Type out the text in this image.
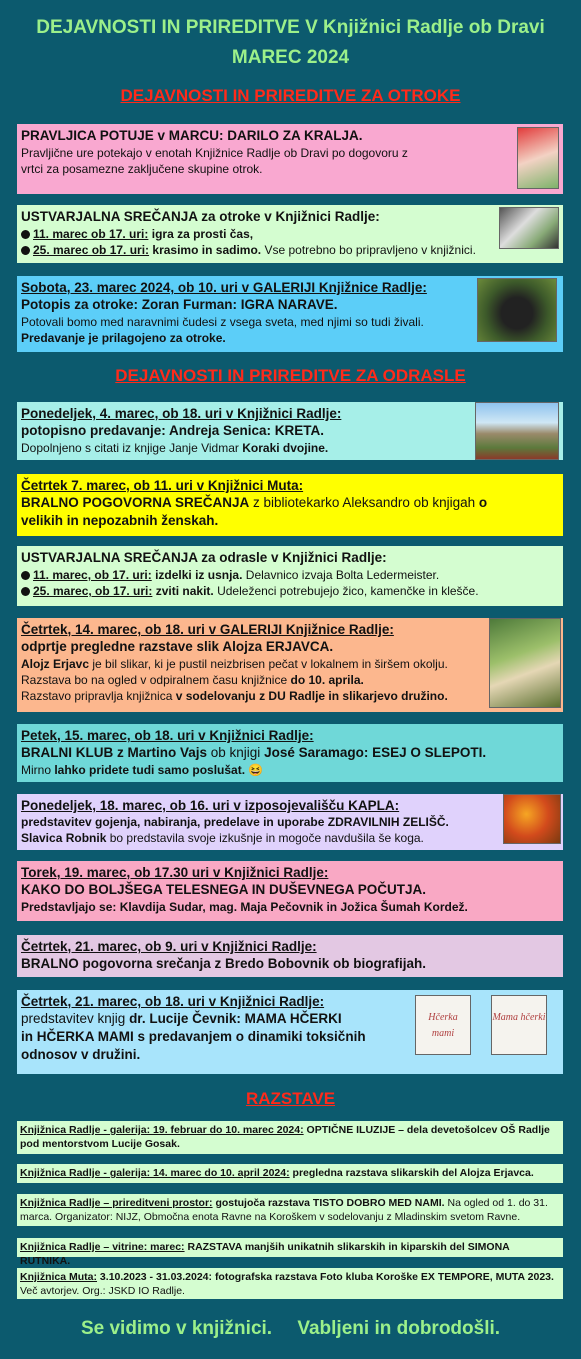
DEJAVNOSTI IN PRIREDITVE V Knjižnici Radlje ob Dravi
MAREC 2024
DEJAVNOSTI IN PRIREDITVE ZA OTROKE
PRAVLJICA POTUJE v MARCU: DARILO ZA KRALJA.
Pravljične ure potekajo v enotah Knjižnice Radlje ob Dravi po dogovoru z
vrtci za posamezne zaključene skupine otrok.
USTVARJALNA SREČANJA za otroke v Knjižnici Radlje:
11. marec ob 17. uri: igra za prosti čas,
25. marec ob 17. uri: krasimo in sadimo. Vse potrebno bo pripravljeno v knjižnici.
Sobota, 23. marec 2024, ob 10. uri v GALERIJI Knjižnice Radlje:
Potopis za otroke: Zoran Furman: IGRA NARAVE.
Potovali bomo med naravnimi čudesi z vsega sveta, med njimi so tudi živali.
Predavanje je prilagojeno za otroke.
DEJAVNOSTI IN PRIREDITVE ZA ODRASLE
Ponedeljek, 4. marec, ob 18. uri v Knjižnici Radlje:
potopisno predavanje: Andreja Senica: KRETA.
Dopolnjeno s citati iz knjige Janje Vidmar Koraki dvojine.
Četrtek 7. marec, ob 11. uri v Knjižnici Muta:
BRALNO POGOVORNA SREČANJA z bibliotekarko Aleksandro ob knjigah o
velikih in nepozabnih ženskah.
USTVARJALNA SREČANJA za odrasle v Knjižnici Radlje:
11. marec, ob 17. uri: izdelki iz usnja. Delavnico izvaja Bolta Ledermeister.
25. marec, ob 17. uri: zviti nakit. Udeleženci potrebujejo žico, kamenčke in klešče.
Četrtek, 14. marec, ob 18. uri v GALERIJI Knjižnice Radlje:
odprtje pregledne razstave slik Alojza ERJAVCA.
Alojz Erjavc je bil slikar, ki je pustil neizbrisen pečat v lokalnem in širšem okolju.
Razstava bo na ogled v odpiralnem času knjižnice do 10. aprila.
Razstavo pripravlja knjižnica v sodelovanju z DU Radlje in slikarjevo družino.
Petek, 15. marec, ob 18. uri v Knjižnici Radlje:
BRALNI KLUB z Martino Vajs ob knjigi José Saramago: ESEJ O SLEPOTI.
Mirno lahko pridete tudi samo poslušat. 😆
Ponedeljek, 18. marec, ob 16. uri v izposojevališču KAPLA:
predstavitev gojenja, nabiranja, predelave in uporabe ZDRAVILNIH ZELIŠČ.
Slavica Robnik bo predstavila svoje izkušnje in mogoče navdušila še koga.
Torek, 19. marec, ob 17.30 uri v Knjižnici Radlje:
KAKO DO BOLJŠEGA TELESNEGA IN DUŠEVNEGA POČUTJA.
Predstavljajo se: Klavdija Sudar, mag. Maja Pečovnik in Jožica Šumah Kordež.
Četrtek, 21. marec, ob 9. uri v Knjižnici Radlje:
BRALNO pogovorna srečanja z Bredo Bobovnik ob biografijah.
Četrtek, 21. marec, ob 18. uri v Knjižnici Radlje:
predstavitev knjig dr. Lucije Čevnik: MAMA HČERKI
in HČERKA MAMI s predavanjem o dinamiki toksičnih
odnosov v družini.
Hčerka mami
Mama hčerki
RAZSTAVE
Knjižnica Radlje - galerija: 19. februar do 10. marec 2024: OPTIČNE ILUZIJE – dela devetošolcev OŠ Radlje pod mentorstvom Lucije Gosak.
Knjižnica Radlje - galerija: 14. marec do 10. april 2024: pregledna razstava slikarskih del Alojza Erjavca.
Knjižnica Radlje – prireditveni prostor: gostujoča razstava TISTO DOBRO MED NAMI. Na ogled od 1. do 31. marca. Organizator: NIJZ, Območna enota Ravne na Koroškem v sodelovanju z Mladinskim svetom Ravne.
Knjižnica Radlje – vitrine: marec: RAZSTAVA manjših unikatnih slikarskih in kiparskih del SIMONA RUTNIKA.
Knjižnica Muta: 3.10.2023 - 31.03.2024: fotografska razstava Foto kluba Koroške EX TEMPORE, MUTA 2023.
Več avtorjev. Org.: JSKD IO Radlje.
Se vidimo v knjižnici. Vabljeni in dobrodošli.
